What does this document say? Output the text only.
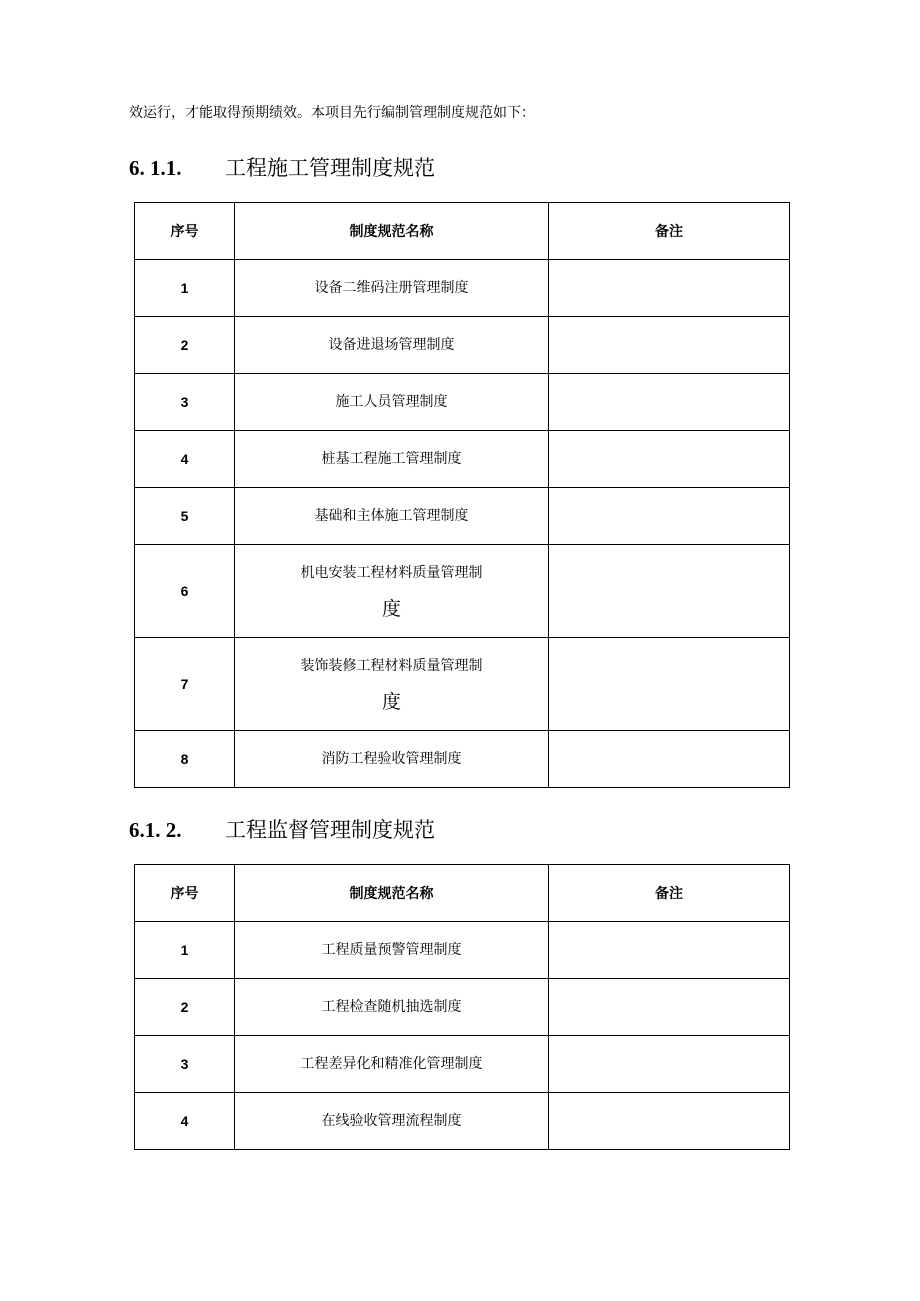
效运行，才能取得预期绩效。本项目先行编制管理制度规范如下：
6. 1.1. 工程施工管理制度规范
序号	制度规范名称	备注
1	设备二维码注册管理制度	
2	设备进退场管理制度	
3	施工人员管理制度	
4	桩基工程施工管理制度	
5	基础和主体施工管理制度	
6	机电安装工程材料质量管理制
度	

7	装饰装修工程材料质量管理制
度	

8	消防工程验收管理制度	
6.1. 2. 工程监督管理制度规范
序号	制度规范名称	备注
1	工程质量预警管理制度	
2	工程检查随机抽选制度	
3	工程差异化和精准化管理制度	
4	在线验收管理流程制度	
